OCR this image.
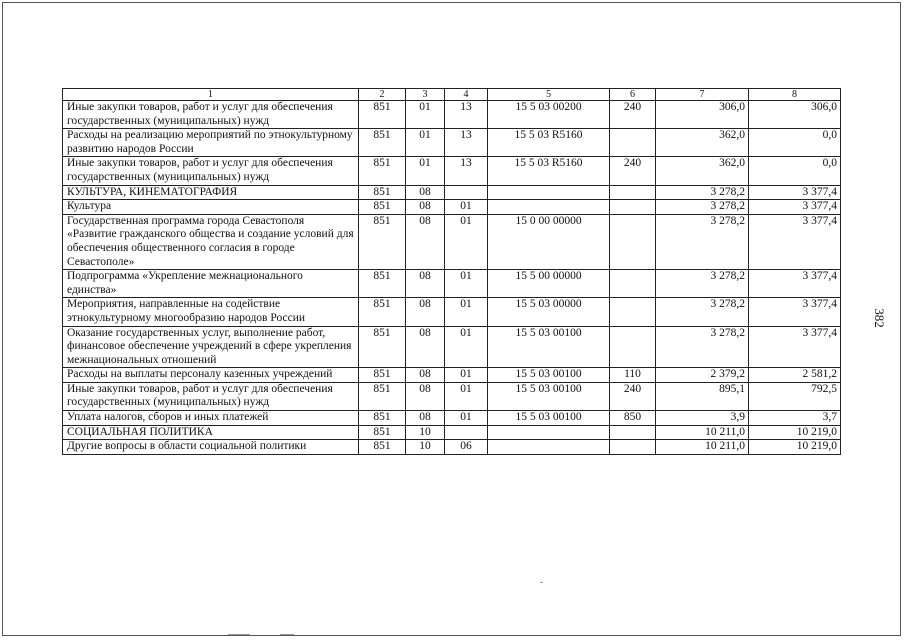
1	2	3	4	5	6	7	8
Иные закупки товаров, работ и услуг для обеспечения государственных (муниципальных) нужд	851	01	13	15 5 03 00200	240	306,0	306,0
Расходы на реализацию мероприятий по этнокультурному развитию народов России	851	01	13	15 5 03 R5160		362,0	0,0
Иные закупки товаров, работ и услуг для обеспечения государственных (муниципальных) нужд	851	01	13	15 5 03 R5160	240	362,0	0,0
КУЛЬТУРА, КИНЕМАТОГРАФИЯ	851	08				3 278,2	3 377,4
Культура	851	08	01			3 278,2	3 377,4
Государственная программа города Севастополя «Развитие гражданского общества и создание условий для обеспечения общественного согласия в городе Севастополе»	851	08	01	15 0 00 00000		3 278,2	3 377,4
Подпрограмма «Укрепление межнационального единства»	851	08	01	15 5 00 00000		3 278,2	3 377,4
Мероприятия, направленные на содействие этнокультурному многообразию народов России	851	08	01	15 5 03 00000		3 278,2	3 377,4
Оказание государственных услуг, выполнение работ, финансовое обеспечение учреждений в сфере укрепления межнациональных отношений	851	08	01	15 5 03 00100		3 278,2	3 377,4
Расходы на выплаты персоналу казенных учреждений	851	08	01	15 5 03 00100	110	2 379,2	2 581,2
Иные закупки товаров, работ и услуг для обеспечения государственных (муниципальных) нужд	851	08	01	15 5 03 00100	240	895,1	792,5
Уплата налогов, сборов и иных платежей	851	08	01	15 5 03 00100	850	3,9	3,7
СОЦИАЛЬНАЯ ПОЛИТИКА	851	10				10 211,0	10 219,0
Другие вопросы в области социальной политики	851	10	06			10 211,0	10 219,0
382
